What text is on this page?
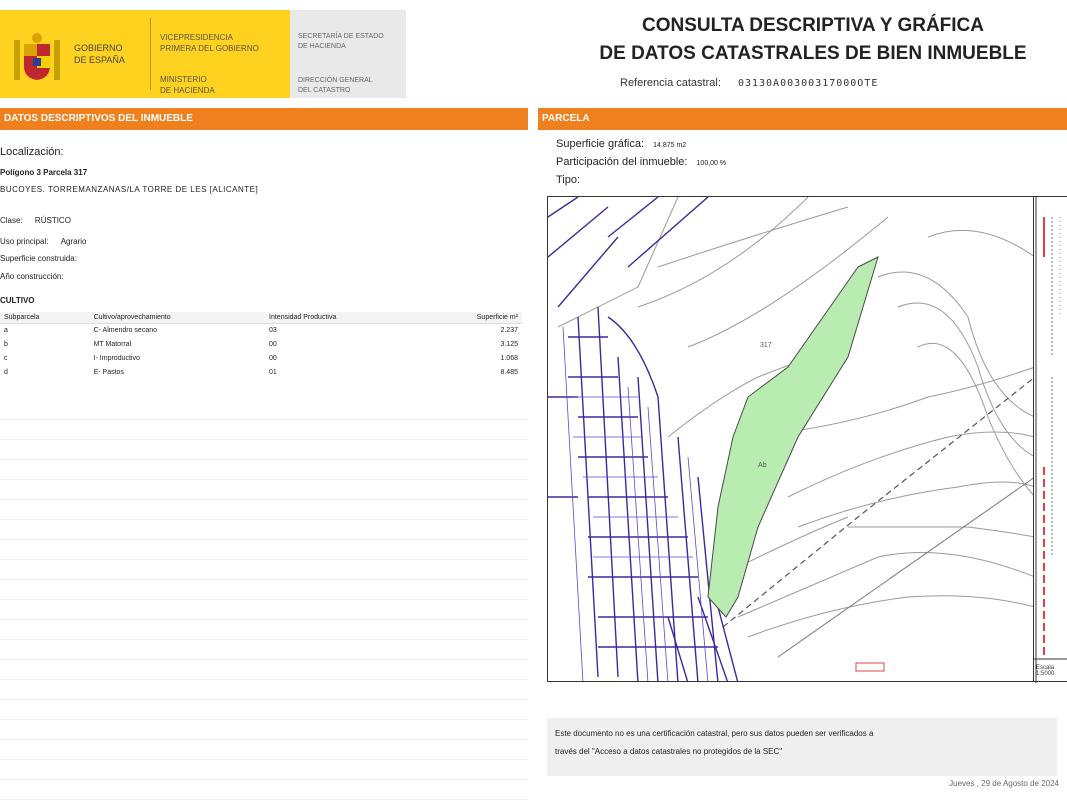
GOBIERNO
DE ESPAÑA
VICEPRESIDENCIA
PRIMERA DEL GOBIERNO
MINISTERIO
DE HACIENDA
SECRETARÍA DE ESTADO
DE HACIENDA
DIRECCIÓN GENERAL
DEL CATASTRO
CONSULTA DESCRIPTIVA Y GRÁFICA
DE DATOS CATASTRALES DE BIEN INMUEBLE
Referencia catastral: 03130A00300317000OTE
DATOS DESCRIPTIVOS DEL INMUEBLE	PARCELA
Localización:
Polígono 3 Parcela 317
BUCOYES. TORREMANZANAS/LA TORRE DE LES [ALICANTE]
Clase: RÚSTICO
Uso principal: Agrario
Superficie construida:
Año construcción:
CULTIVO
Subparcela	Cultivo/aprovechamiento	Intensidad Productiva	Superficie m²
a	C- Almendro secano	03	2.237
b	MT Matorral	00	3.125
c	I- Improductivo	00	1.068
d	E- Pastos	01	8.485
Superficie gráfica: 14.875 m2
Participación del inmueble: 100,00 %
Tipo:
317
Ab
Escala 1:5000
Este documento no es una certificación catastral, pero sus datos pueden ser verificados a
través del "Acceso a datos catastrales no protegidos de la SEC"
Jueves , 29 de Agosto de 2024
